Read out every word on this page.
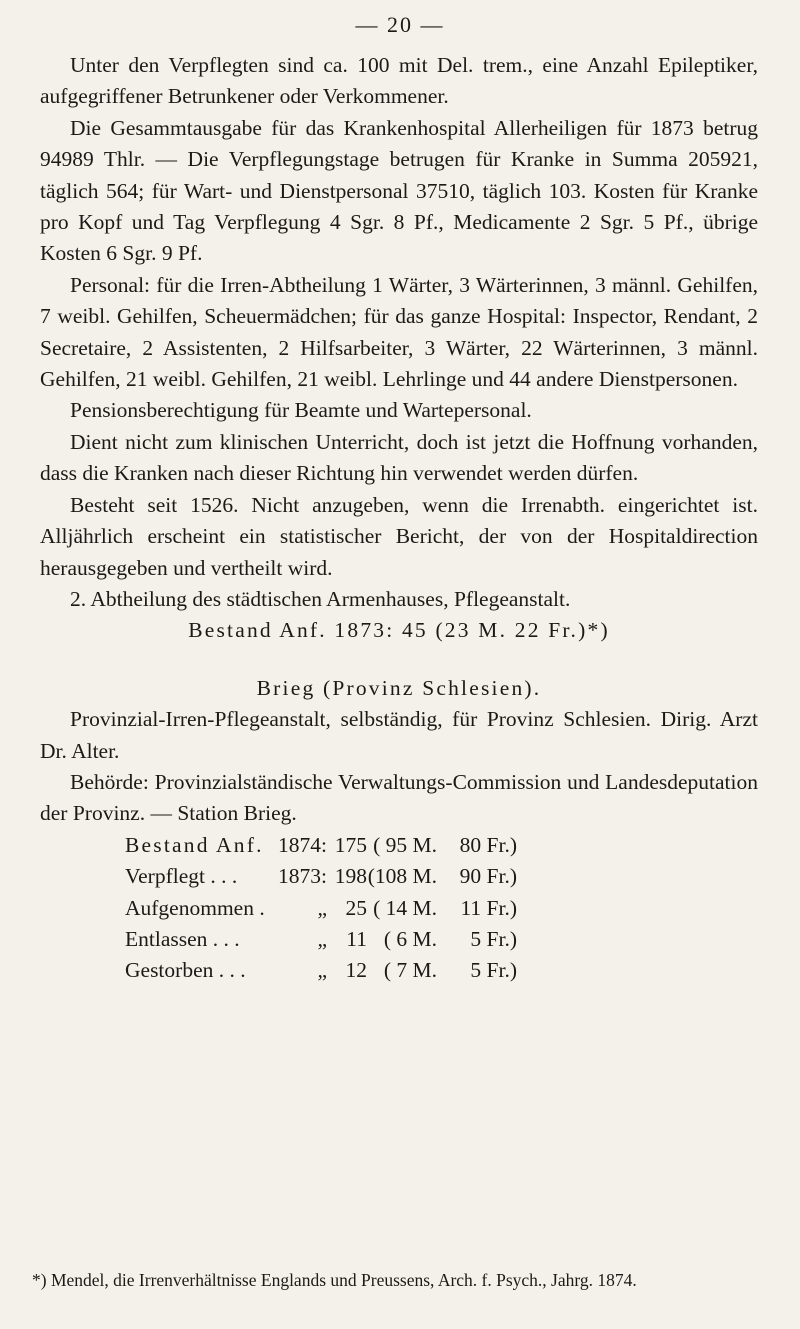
— 20 —

Unter den Verpflegten sind ca. 100 mit Del. trem., eine Anzahl Epileptiker, aufgegriffener Betrunkener oder Verkommener.

Die Gesammtausgabe für das Krankenhospital Allerheiligen für 1873 betrug 94989 Thlr. — Die Verpflegungstage betrugen für Kranke in Summa 205921, täglich 564; für Wart- und Dienstpersonal 37510, täglich 103. Kosten für Kranke pro Kopf und Tag Verpflegung 4 Sgr. 8 Pf., Medicamente 2 Sgr. 5 Pf., übrige Kosten 6 Sgr. 9 Pf.

Personal: für die Irren-Abtheilung 1 Wärter, 3 Wärterinnen, 3 männl. Gehilfen, 7 weibl. Gehilfen, Scheuermädchen; für das ganze Hospital: Inspector, Rendant, 2 Secretaire, 2 Assistenten, 2 Hilfsarbeiter, 3 Wärter, 22 Wärterinnen, 3 männl. Gehilfen, 21 weibl. Gehilfen, 21 weibl. Lehrlinge und 44 andere Dienstpersonen.

Pensionsberechtigung für Beamte und Wartepersonal.

Dient nicht zum klinischen Unterricht, doch ist jetzt die Hoffnung vorhanden, dass die Kranken nach dieser Richtung hin verwendet werden dürfen.

Besteht seit 1526. Nicht anzugeben, wenn die Irrenabth. eingerichtet ist. Alljährlich erscheint ein statistischer Bericht, der von der Hospitaldirection herausgegeben und vertheilt wird.

2. Abtheilung des städtischen Armenhauses, Pflegeanstalt.

Bestand Anf. 1873: 45 (23 M. 22 Fr.)*)

Brieg (Provinz Schlesien).

Provinzial-Irren-Pflegeanstalt, selbständig, für Provinz Schlesien. Dirig. Arzt Dr. Alter.

Behörde: Provinzialständische Verwaltungs-Commission und Landesdeputation der Provinz. — Station Brieg.

Bestand Anf.	1874:	175	( 95 M.	80 Fr.)
Verpflegt . . .	1873:	198	(108 M.	90 Fr.)
Aufgenommen .	„	25	( 14 M.	11 Fr.)
Entlassen . . .	„	11	( 6 M.	5 Fr.)
Gestorben . . .	„	12	( 7 M.	5 Fr.)
*) Mendel, die Irrenverhältnisse Englands und Preussens, Arch. f. Psych., Jahrg. 1874.
